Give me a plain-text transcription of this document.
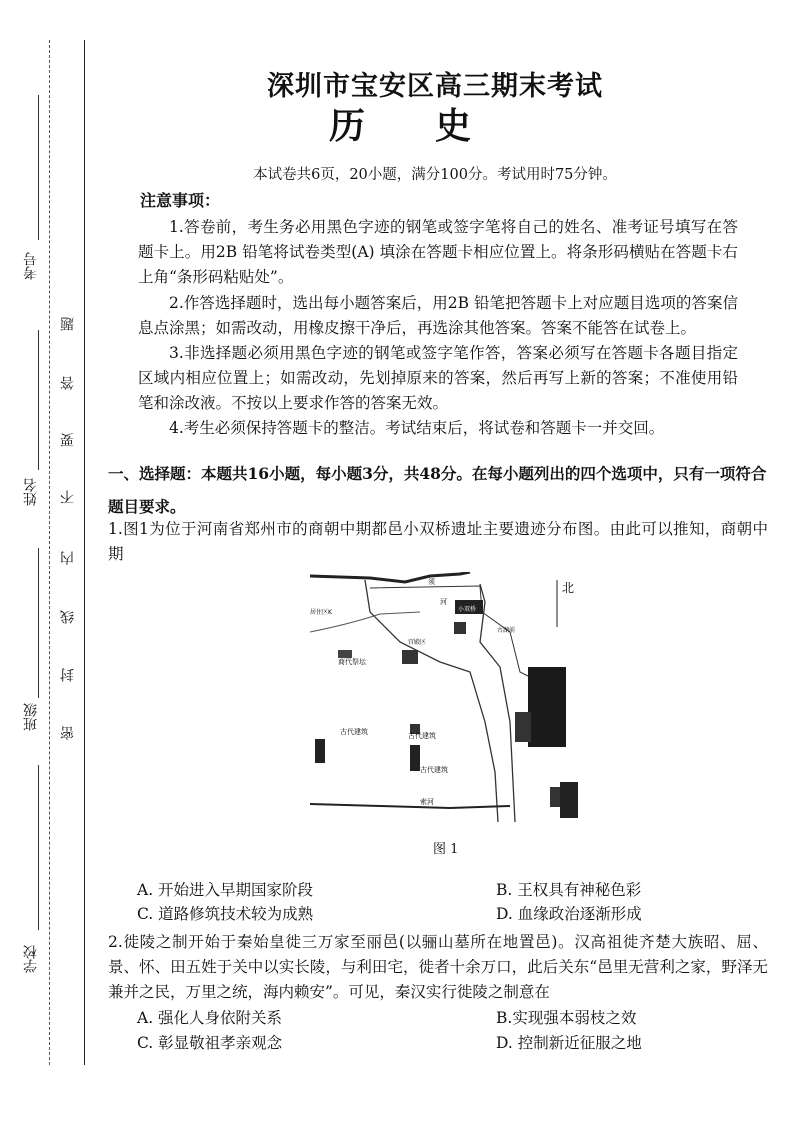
考号
姓名
班级
学校
题
答
要
不
内
线
封
密
深圳市宝安区高三期末考试
历史
本试卷共6页，20小题，满分100分。考试用时75分钟。
注意事项：
1.答卷前，考生务必用黑色字迹的钢笔或签字笔将自己的姓名、准考证号填写在答题卡上。用2B 铅笔将试卷类型(A) 填涂在答题卡相应位置上。将条形码横贴在答题卡右上角“条形码粘贴处”。
2.作答选择题时，选出每小题答案后，用2B 铅笔把答题卡上对应题目选项的答案信息点涂黑；如需改动，用橡皮擦干净后，再选涂其他答案。答案不能答在试卷上。
3.非选择题必须用黑色字迹的钢笔或签字笔作答，答案必须写在答题卡各题目指定区域内相应位置上；如需改动，先划掉原来的答案，然后再写上新的答案；不准使用铅笔和涂改液。不按以上要求作答的答案无效。
4.考生必须保持答题卡的整洁。考试结束后，将试卷和答题卡一并交回。
一、选择题：本题共16小题，每小题3分，共48分。在每小题列出的四个选项中，只有一项符合题目要求。
1.图1为位于河南省郑州市的商朝中期都邑小双桥遗址主要遗迹分布图。由此可以推知，商朝中期
北
须
河
小双桥
古湖前
居住区K
宫殿区
商代祭坛
古代建筑	古代建筑
古代建筑
索河
图 1
A. 开始进入早期国家阶段	B. 王权具有神秘色彩
C. 道路修筑技术较为成熟	D. 血缘政治逐渐形成
2.徙陵之制开始于秦始皇徙三万家至丽邑(以骊山墓所在地置邑)。汉高祖徙齐楚大族昭、屈、景、怀、田五姓于关中以实长陵，与利田宅，徙者十余万口，此后关东“邑里无营利之家，野泽无兼并之民，万里之统，海内赖安”。可见，秦汉实行徙陵之制意在
A. 强化人身依附关系	B.实现强本弱枝之效
C. 彰显敬祖孝亲观念	D. 控制新近征服之地
